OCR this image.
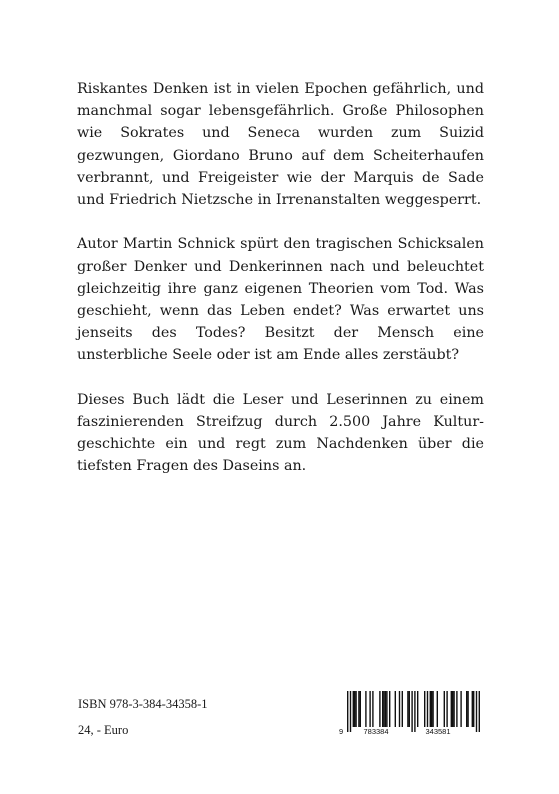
Riskantes Denken ist in vielen Epochen gefährlich, und manchmal sogar lebensgefährlich. Große Philosophen wie Sokrates und Seneca wurden zum Suizid gezwungen, Giordano Bruno auf dem Scheiterhaufen verbrannt, und Freigeister wie der Marquis de Sade und Friedrich Nietzsche in Irrenanstalten weggesperrt.

Autor Martin Schnick spürt den tragischen Schicksalen großer Denker und Denkerinnen nach und beleuchtet gleichzeitig ihre ganz eigenen Theorien vom Tod. Was geschieht, wenn das Leben endet? Was erwartet uns jenseits des Todes? Besitzt der Mensch eine unsterbliche Seele oder ist am Ende alles zerstäubt?

Dieses Buch lädt die Leser und Leserinnen zu einem faszinierenden Streifzug durch 2.500 Jahre Kulturgeschichte ein und regt zum Nachdenken über die tiefsten Fragen des Daseins an.

ISBN 978-3-384-34358-1
24, - Euro	9	783384	343581
